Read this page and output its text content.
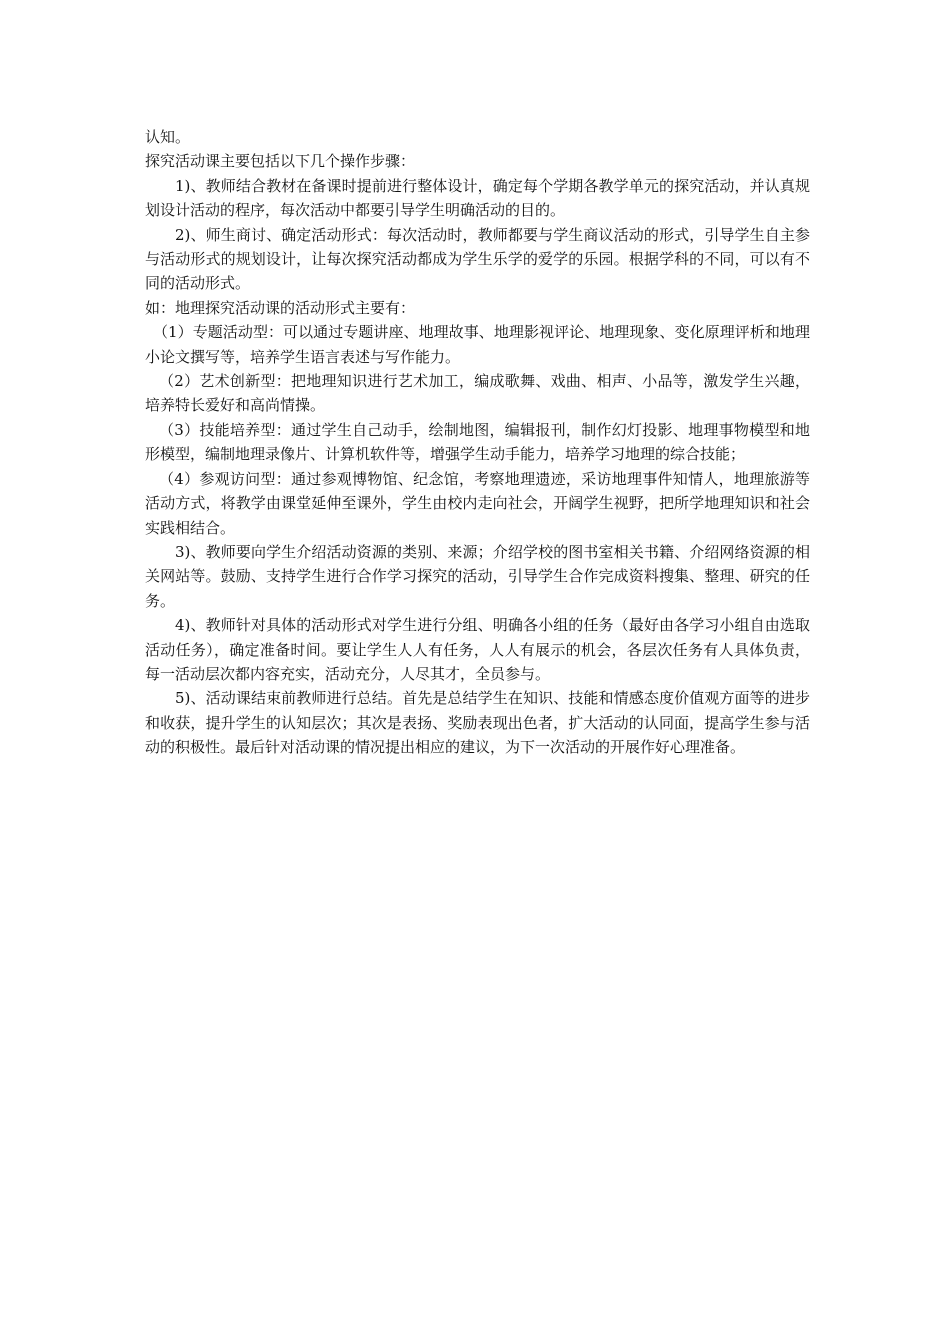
认知。

探究活动课主要包括以下几个操作步骤：

1)、教师结合教材在备课时提前进行整体设计，确定每个学期各教学单元的探究活动，并认真规划设计活动的程序，每次活动中都要引导学生明确活动的目的。

2)、师生商讨、确定活动形式：每次活动时，教师都要与学生商议活动的形式，引导学生自主参与活动形式的规划设计，让每次探究活动都成为学生乐学的爱学的乐园。根据学科的不同，可以有不同的活动形式。

如：地理探究活动课的活动形式主要有：

（1）专题活动型：可以通过专题讲座、地理故事、地理影视评论、地理现象、变化原理评析和地理小论文撰写等，培养学生语言表述与写作能力。

（2）艺术创新型：把地理知识进行艺术加工，编成歌舞、戏曲、相声、小品等，激发学生兴趣，培养特长爱好和高尚情操。

（3）技能培养型：通过学生自己动手，绘制地图，编辑报刊，制作幻灯投影、地理事物模型和地形模型，编制地理录像片、计算机软件等，增强学生动手能力，培养学习地理的综合技能；

（4）参观访问型：通过参观博物馆、纪念馆，考察地理遗迹，采访地理事件知情人，地理旅游等活动方式，将教学由课堂延伸至课外，学生由校内走向社会，开阔学生视野，把所学地理知识和社会实践相结合。

3)、教师要向学生介绍活动资源的类别、来源；介绍学校的图书室相关书籍、介绍网络资源的相关网站等。鼓励、支持学生进行合作学习探究的活动，引导学生合作完成资料搜集、整理、研究的任务。

4)、教师针对具体的活动形式对学生进行分组、明确各小组的任务（最好由各学习小组自由选取活动任务），确定准备时间。要让学生人人有任务，人人有展示的机会，各层次任务有人具体负责，每一活动层次都内容充实，活动充分，人尽其才，全员参与。

5)、活动课结束前教师进行总结。首先是总结学生在知识、技能和情感态度价值观方面等的进步和收获，提升学生的认知层次；其次是表扬、奖励表现出色者，扩大活动的认同面，提高学生参与活动的积极性。最后针对活动课的情况提出相应的建议，为下一次活动的开展作好心理准备。
